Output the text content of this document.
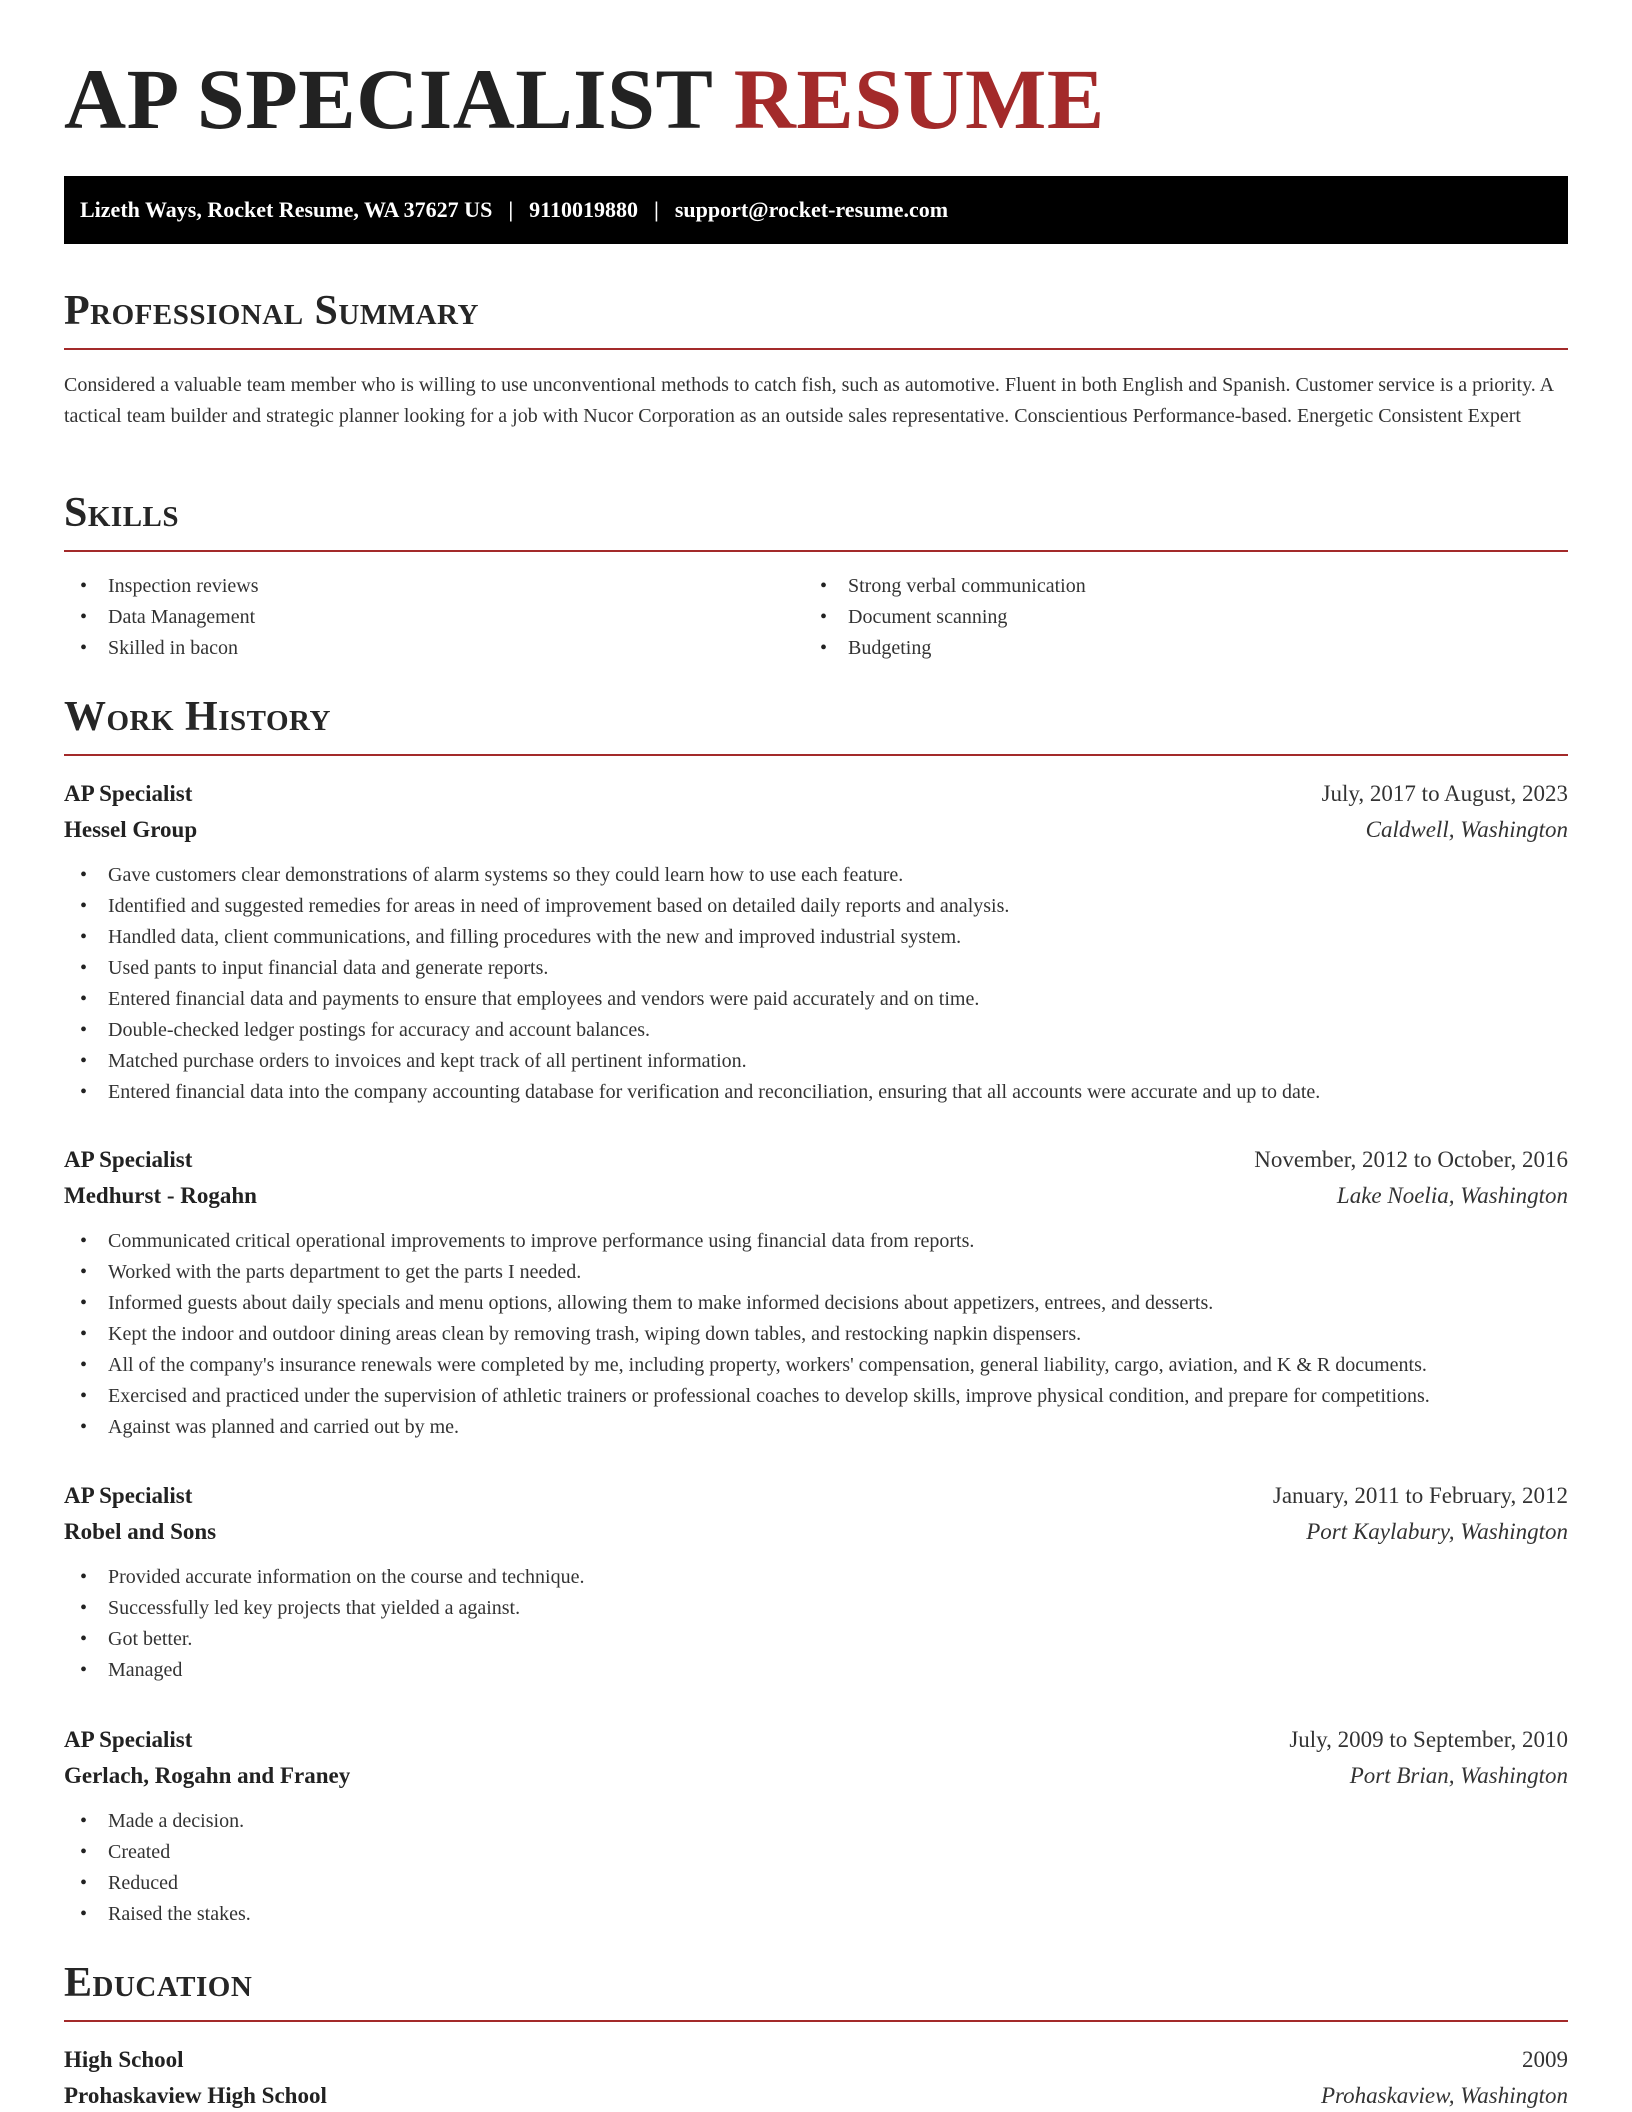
AP SPECIALIST RESUME
Lizeth Ways, Rocket Resume, WA 37627 US | 9110019880 | support@rocket-resume.com
Professional Summary

Considered a valuable team member who is willing to use unconventional methods to catch fish, such as automotive. Fluent in both English and Spanish. Customer service is a priority. A tactical team builder and strategic planner looking for a job with Nucor Corporation as an outside sales representative. Conscientious Performance-based. Energetic Consistent Expert

Skills
• Inspection reviews
• Data Management
• Skilled in bacon
• Strong verbal communication
• Document scanning
• Budgeting
Work History
AP Specialist	July, 2017 to August, 2023
Hessel Group	Caldwell, Washington
• Gave customers clear demonstrations of alarm systems so they could learn how to use each feature.
• Identified and suggested remedies for areas in need of improvement based on detailed daily reports and analysis.
• Handled data, client communications, and filling procedures with the new and improved industrial system.
• Used pants to input financial data and generate reports.
• Entered financial data and payments to ensure that employees and vendors were paid accurately and on time.
• Double-checked ledger postings for accuracy and account balances.
• Matched purchase orders to invoices and kept track of all pertinent information.
• Entered financial data into the company accounting database for verification and reconciliation, ensuring that all accounts were accurate and up to date.
AP Specialist	November, 2012 to October, 2016
Medhurst - Rogahn	Lake Noelia, Washington
• Communicated critical operational improvements to improve performance using financial data from reports.
• Worked with the parts department to get the parts I needed.
• Informed guests about daily specials and menu options, allowing them to make informed decisions about appetizers, entrees, and desserts.
• Kept the indoor and outdoor dining areas clean by removing trash, wiping down tables, and restocking napkin dispensers.
• All of the company's insurance renewals were completed by me, including property, workers' compensation, general liability, cargo, aviation, and K & R documents.
• Exercised and practiced under the supervision of athletic trainers or professional coaches to develop skills, improve physical condition, and prepare for competitions.
• Against was planned and carried out by me.
AP Specialist	January, 2011 to February, 2012
Robel and Sons	Port Kaylabury, Washington
• Provided accurate information on the course and technique.
• Successfully led key projects that yielded a against.
• Got better.
• Managed
AP Specialist	July, 2009 to September, 2010
Gerlach, Rogahn and Franey	Port Brian, Washington
• Made a decision.
• Created
• Reduced
• Raised the stakes.
Education
High School	2009
Prohaskaview High School	Prohaskaview, Washington
